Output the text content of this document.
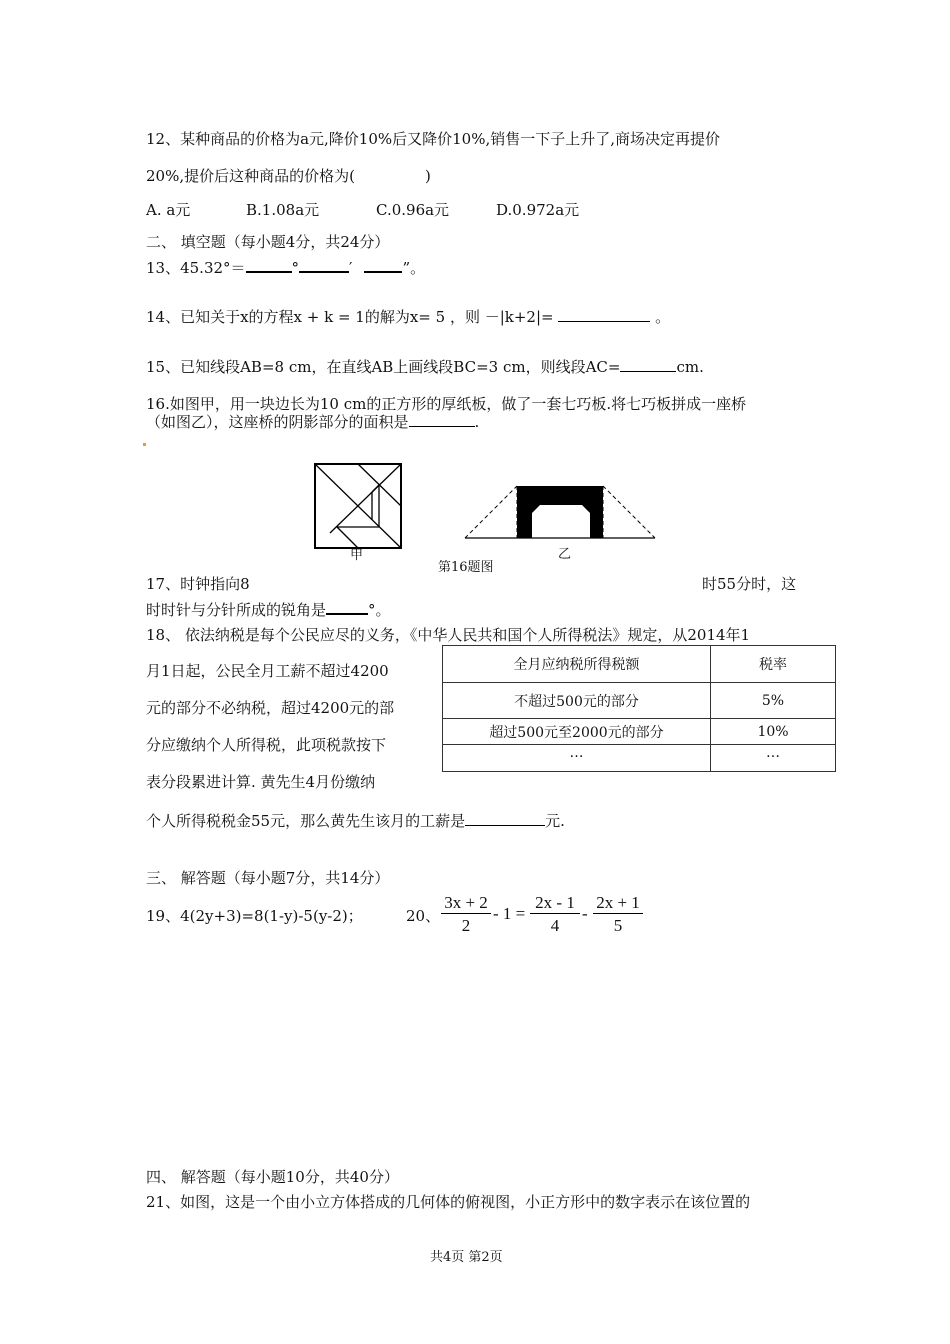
12、某种商品的价格为a元,降价10%后又降价10%,销售一下子上升了,商场决定再提价
20%,提价后这种商品的价格为(	)
A. a元	B.1.08a元	C.0.96a元	D.0.972a元
二、 填空题（每小题4分，共24分）
13、45.32°＝	°	′	”。
14、已知关于x的方程x + k = 1的解为x= 5 ，则 －|k+2|=	。
15、已知线段AB=8 cm，在直线AB上画线段BC=3 cm，则线段AC=	cm.
16.如图甲，用一块边长为10 cm的正方形的厚纸板，做了一套七巧板.将七巧板拼成一座桥
（如图乙），这座桥的阴影部分的面积是	.
甲	乙
第16题图
17、时钟指向8	时55分时，这
时时针与分针所成的锐角是	°。
18、 依法纳税是每个公民应尽的义务，《中华人民共和国个人所得税法》规定，从2014年1
月1日起，公民全月工薪不超过4200
元的部分不必纳税，超过4200元的部
分应缴纳个人所得税，此项税款按下
表分段累进计算. 黄先生4月份缴纳
全月应纳税所得税额	税率
不超过500元的部分	5%
超过500元至2000元的部分	10%
…	…
个人所得税税金55元，那么黄先生该月的工薪是	元.
三、 解答题（每小题7分，共14分）
19、4(2y+3)=8(1-y)-5(y-2)；	20、 $\frac{3x + 2}{2} - 1 = \frac{2x - 1}{4} - \frac{2x + 1}{5}$
四、 解答题（每小题10分，共40分）
21、如图，这是一个由小立方体搭成的几何体的俯视图，小正方形中的数字表示在该位置的
共4页 第2页
